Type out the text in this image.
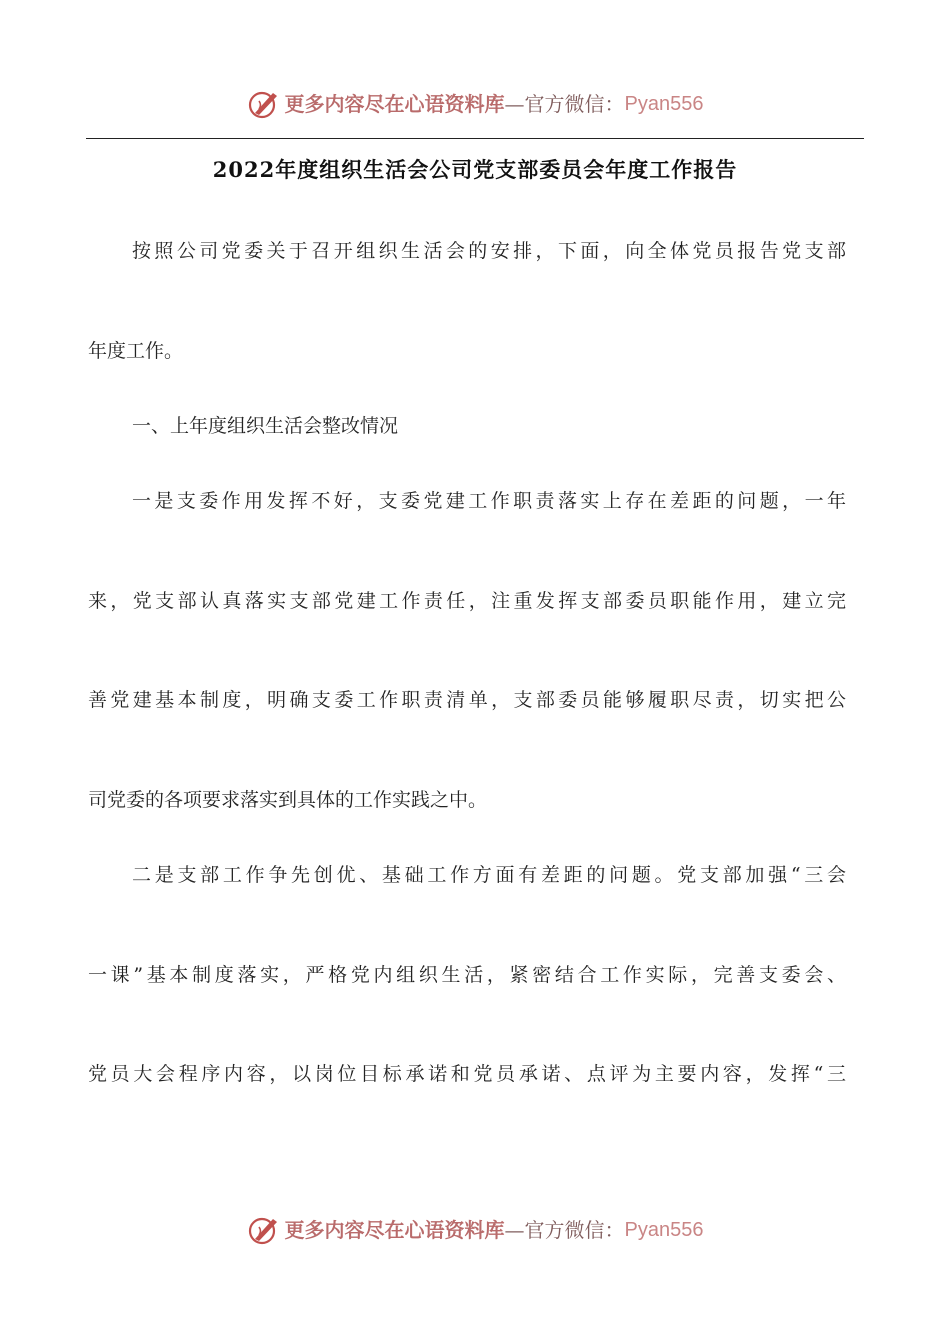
更多内容尽在心语资料库 —官方微信： Pyan556
2022年度组织生活会公司党支部委员会年度工作报告
按照公司党委关于召开组织生活会的安排，下面，向全体党员报告党支部
年度工作。
一、上年度组织生活会整改情况
一是支委作用发挥不好，支委党建工作职责落实上存在差距的问题，一年
来，党支部认真落实支部党建工作责任，注重发挥支部委员职能作用，建立完
善党建基本制度，明确支委工作职责清单，支部委员能够履职尽责，切实把公
司党委的各项要求落实到具体的工作实践之中。
二是支部工作争先创优、基础工作方面有差距的问题。党支部加强“三会
一课”基本制度落实，严格党内组织生活，紧密结合工作实际，完善支委会、
党员大会程序内容，以岗位目标承诺和党员承诺、点评为主要内容，发挥“三
更多内容尽在心语资料库 —官方微信： Pyan556
